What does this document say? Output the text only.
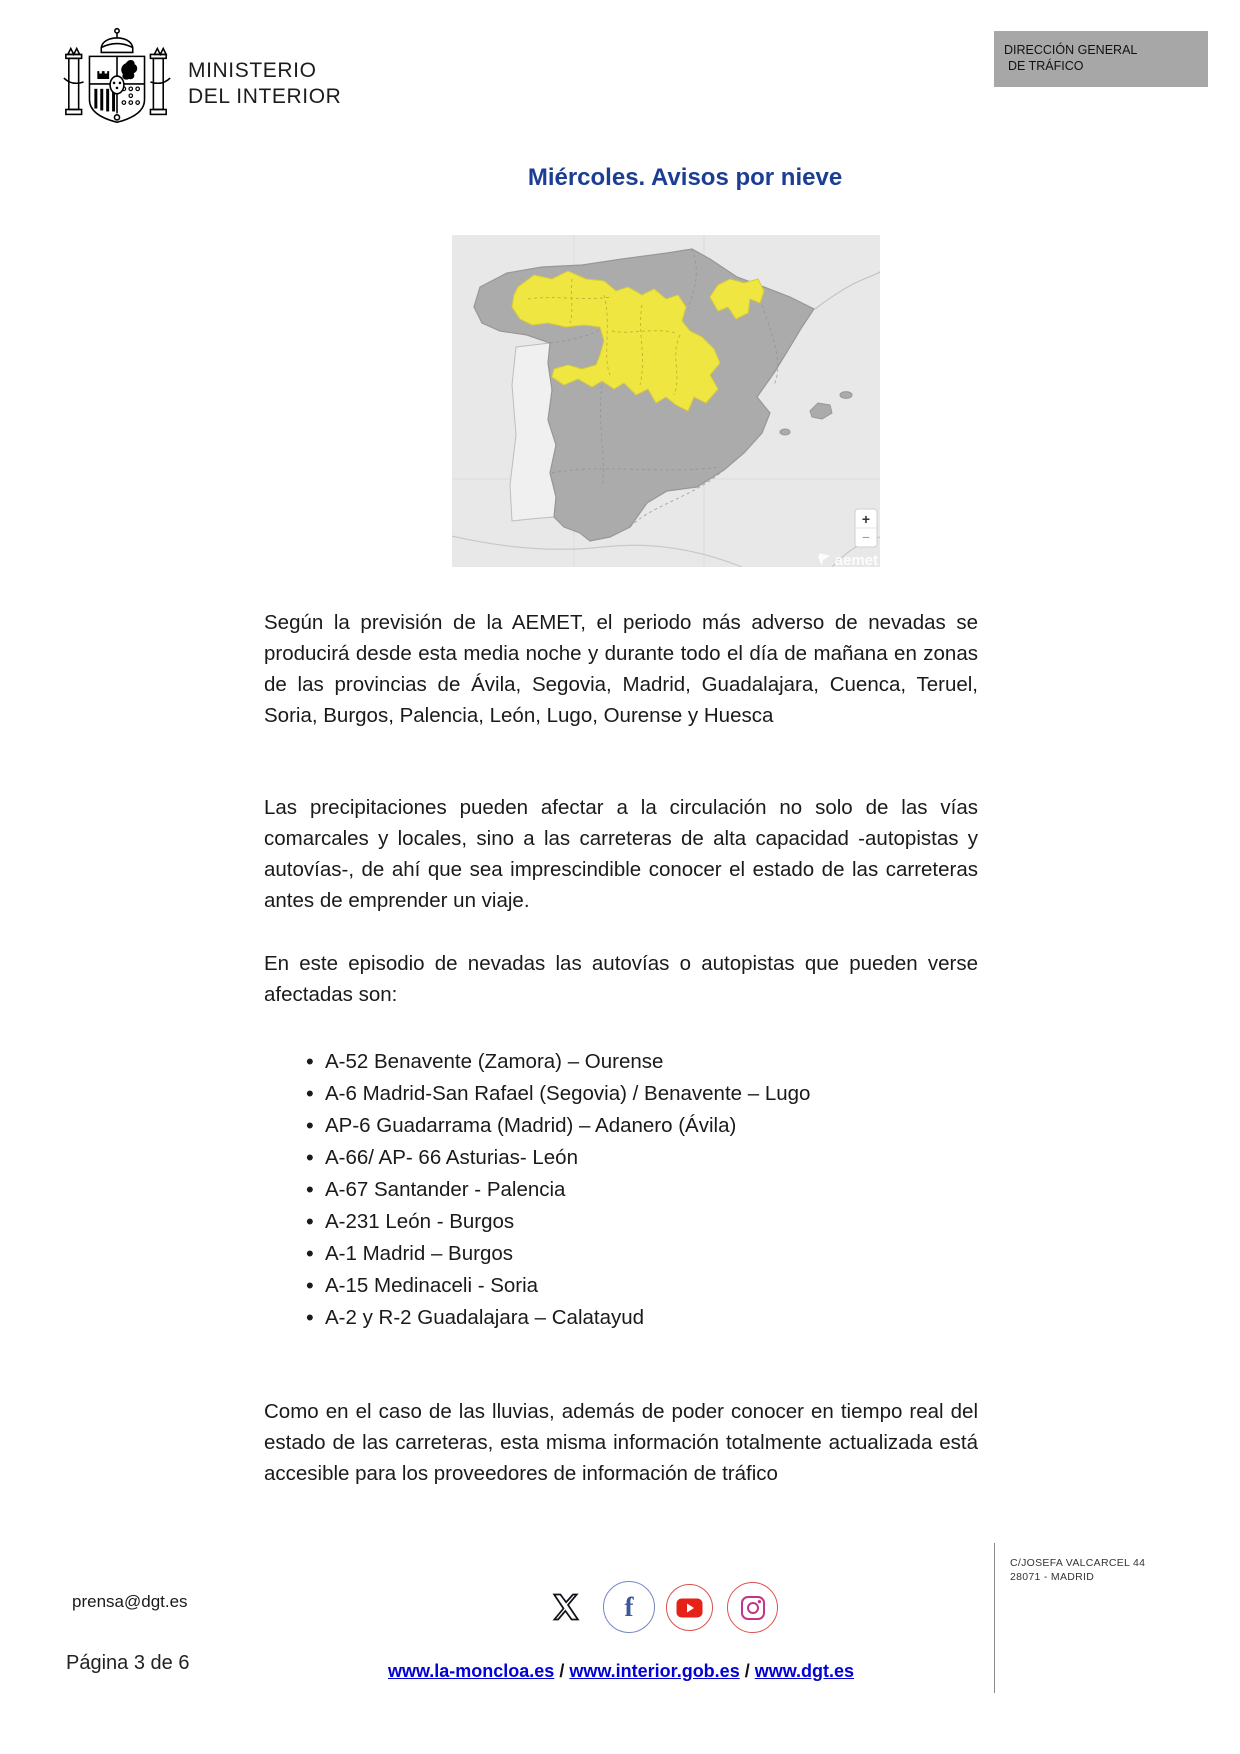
MINISTERIO
DEL INTERIOR
DIRECCIÓN GENERAL
DE TRÁFICO
Miércoles. Avisos por nieve
+
−
aemet

Según la previsión de la AEMET, el periodo más adverso de nevadas se producirá desde esta media noche y durante todo el día de mañana en zonas de las provincias de Ávila, Segovia, Madrid, Guadalajara, Cuenca, Teruel, Soria, Burgos, Palencia, León, Lugo, Ourense y Huesca

Las precipitaciones pueden afectar a la circulación no solo de las vías comarcales y locales, sino a las carreteras de alta capacidad -autopistas y autovías-, de ahí que sea imprescindible conocer el estado de las carreteras antes de emprender un viaje.

En este episodio de nevadas las autovías o autopistas que pueden verse afectadas son:

• A-52 Benavente (Zamora) – Ourense
• A-6 Madrid-San Rafael (Segovia) / Benavente – Lugo
• AP-6 Guadarrama (Madrid) – Adanero (Ávila)
• A-66/ AP- 66 Asturias- León
• A-67 Santander - Palencia
• A-231 León - Burgos
• A-1 Madrid – Burgos
• A-15 Medinaceli - Soria
• A-2 y R-2 Guadalajara – Calatayud

Como en el caso de las lluvias, además de poder conocer en tiempo real del estado de las carreteras, esta misma información totalmente actualizada está accesible para los proveedores de información de tráfico

prensa@dgt.es	f
C/JOSEFA VALCARCEL 44
28071 - MADRID
Página 3 de 6	www.la-moncloa.es / www.interior.gob.es / www.dgt.es
